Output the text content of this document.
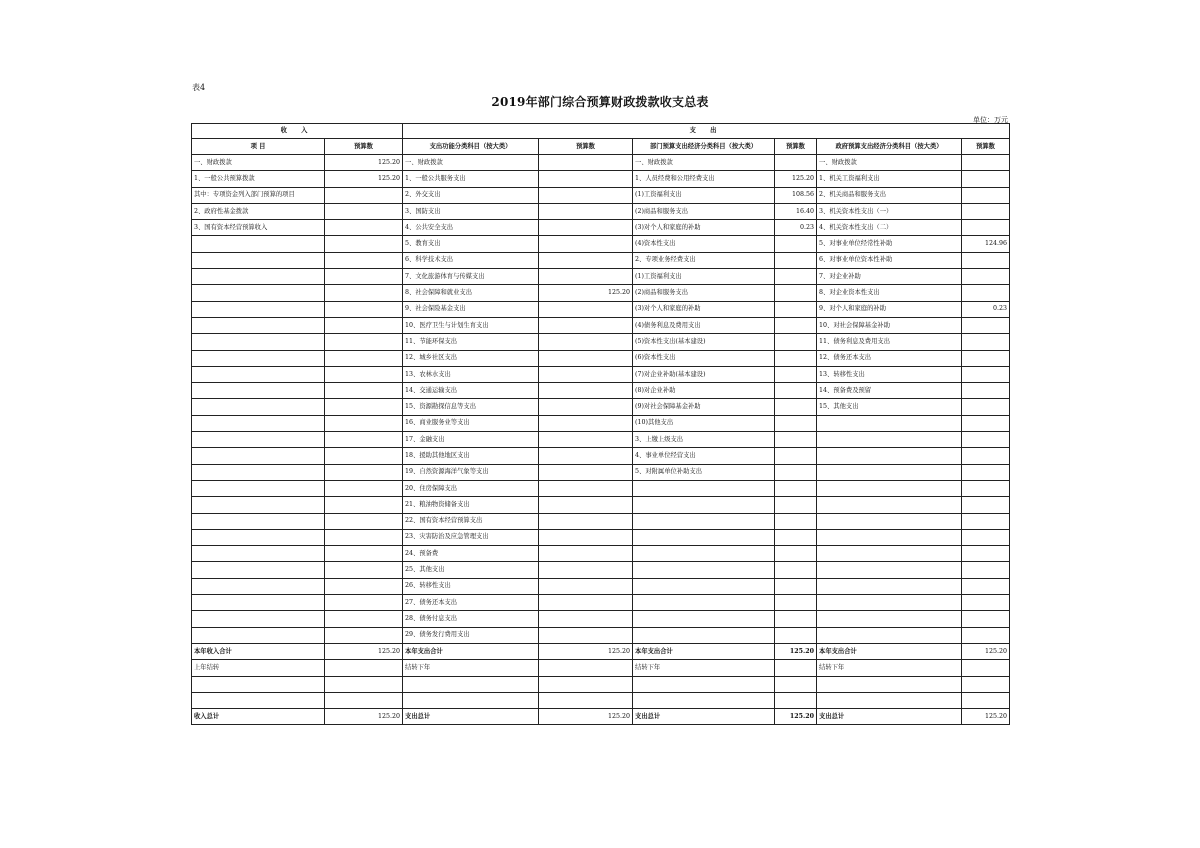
表4
2019年部门综合预算财政拨款收支总表
单位：万元
收 入		支 出					
项 目	预算数	支出功能分类科目（按大类）	预算数	部门预算支出经济分类科目（按大类）	预算数	政府预算支出经济分类科目（按大类）	预算数
一、财政拨款	125.20	一、财政拨款		一、财政拨款		一、财政拨款	
1、一般公共预算拨款	125.20	1、一般公共服务支出		1、人员经费和公用经费支出	125.20	1、机关工资福利支出	
其中：专项资金列入部门预算的项目		2、外交支出		(1)工资福利支出	108.56	2、机关商品和服务支出	
2、政府性基金拨款		3、国防支出		(2)商品和服务支出	16.40	3、机关资本性支出（一）	
3、国有资本经营预算收入		4、公共安全支出		(3)对个人和家庭的补助	0.23	4、机关资本性支出（二）	
		5、教育支出		(4)资本性支出		5、对事业单位经常性补助	124.96
		6、科学技术支出		2、专项业务经费支出		6、对事业单位资本性补助	
		7、文化旅游体育与传媒支出		(1)工资福利支出		7、对企业补助	
		8、社会保障和就业支出	125.20	(2)商品和服务支出		8、对企业资本性支出	
		9、社会保险基金支出		(3)对个人和家庭的补助		9、对个人和家庭的补助	0.23
		10、医疗卫生与计划生育支出		(4)债务利息及费用支出		10、对社会保障基金补助	
		11、节能环保支出		(5)资本性支出(基本建设)		11、债务利息及费用支出	
		12、城乡社区支出		(6)资本性支出		12、债务还本支出	
		13、农林水支出		(7)对企业补助(基本建设)		13、转移性支出	
		14、交通运输支出		(8)对企业补助		14、预备费及预留	
		15、资源勘探信息等支出		(9)对社会保障基金补助		15、其他支出	
		16、商业服务业等支出		(10)其他支出			
		17、金融支出		3、上缴上级支出			
		18、援助其他地区支出		4、事业单位经营支出			
		19、自然资源海洋气象等支出		5、对附属单位补助支出			
		20、住房保障支出					
		21、粮油物资储备支出					
		22、国有资本经营预算支出					
		23、灾害防治及应急管理支出					
		24、预备费					
		25、其他支出					
		26、转移性支出					
		27、债务还本支出					
		28、债务付息支出					
		29、债务发行费用支出					
本年收入合计	125.20	本年支出合计	125.20	本年支出合计	125.20	本年支出合计	125.20
上年结转		结转下年		结转下年		结转下年	

收入总计	125.20	支出总计	125.20	支出总计	125.20	支出总计	125.20
